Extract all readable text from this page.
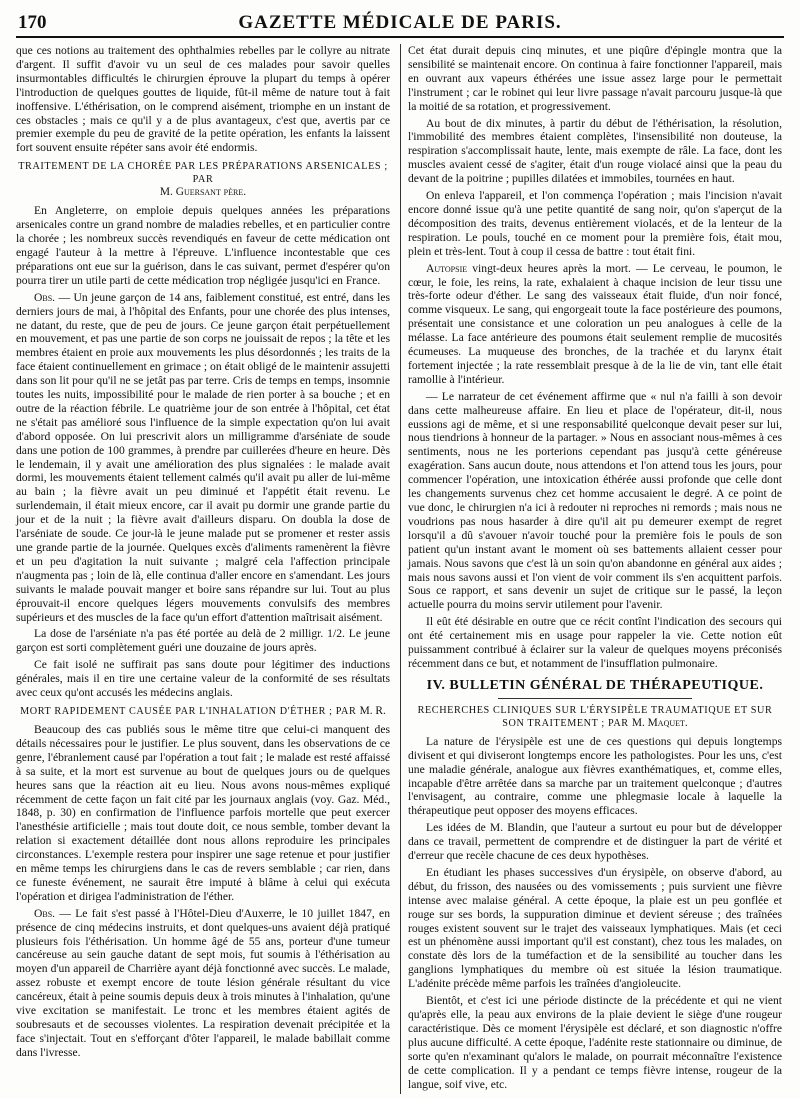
170	GAZETTE MÉDICALE DE PARIS.

que ces notions au traitement des ophthalmies rebelles par le collyre au nitrate d'argent. Il suffit d'avoir vu un seul de ces malades pour savoir quelles insurmontables difficultés le chirurgien éprouve la plupart du temps à opérer l'introduction de quelques gouttes de liquide, fût-il même de nature tout à fait inoffensive. L'éthérisation, on le comprend aisément, triomphe en un instant de ces obstacles ; mais ce qu'il y a de plus avantageux, c'est que, avertis par ce premier exemple du peu de gravité de la petite opération, les enfants la laissent fort souvent ensuite répéter sans avoir été endormis.

TRAITEMENT DE LA CHORÉE PAR LES PRÉPARATIONS ARSENICALES ; PAR
M. Guersant père.

En Angleterre, on emploie depuis quelques années les préparations arsenicales contre un grand nombre de maladies rebelles, et en particulier contre la chorée ; les nombreux succès revendiqués en faveur de cette médication ont engagé l'auteur à la mettre à l'épreuve. L'influence incontestable que ces préparations ont eue sur la guérison, dans le cas suivant, permet d'espérer qu'on pourra tirer un utile parti de cette médication trop négligée jusqu'ici en France.

Obs. — Un jeune garçon de 14 ans, faiblement constitué, est entré, dans les derniers jours de mai, à l'hôpital des Enfants, pour une chorée des plus intenses, ne datant, du reste, que de peu de jours. Ce jeune garçon était perpétuellement en mouvement, et pas une partie de son corps ne jouissait de repos ; la tête et les membres étaient en proie aux mouvements les plus désordonnés ; les traits de la face étaient continuellement en grimace ; on était obligé de le maintenir assujetti dans son lit pour qu'il ne se jetât pas par terre. Cris de temps en temps, insomnie toutes les nuits, impossibilité pour le malade de rien porter à sa bouche ; et en outre de la réaction fébrile. Le quatrième jour de son entrée à l'hôpital, cet état ne s'était pas amélioré sous l'influence de la simple expectation qu'on lui avait d'abord opposée. On lui prescrivit alors un milligramme d'arséniate de soude dans une potion de 100 grammes, à prendre par cuillerées d'heure en heure. Dès le lendemain, il y avait une amélioration des plus signalées : le malade avait dormi, les mouvements étaient tellement calmés qu'il avait pu aller de lui-même au bain ; la fièvre avait un peu diminué et l'appétit était revenu. Le surlendemain, il était mieux encore, car il avait pu dormir une grande partie du jour et de la nuit ; la fièvre avait d'ailleurs disparu. On doubla la dose de l'arséniate de soude. Ce jour-là le jeune malade put se promener et rester assis une grande partie de la journée. Quelques excès d'aliments ramenèrent la fièvre et un peu d'agitation la nuit suivante ; malgré cela l'affection principale n'augmenta pas ; loin de là, elle continua d'aller encore en s'amendant. Les jours suivants le malade pouvait manger et boire sans répandre sur lui. Tout au plus éprouvait-il encore quelques légers mouvements convulsifs des membres supérieurs et des muscles de la face qu'un effort d'attention maîtrisait aisément.

La dose de l'arséniate n'a pas été portée au delà de 2 milligr. 1/2. Le jeune garçon est sorti complètement guéri une douzaine de jours après.

Ce fait isolé ne suffirait pas sans doute pour légitimer des inductions générales, mais il en tire une certaine valeur de la conformité de ses résultats avec ceux qu'ont accusés les médecins anglais.

MORT RAPIDEMENT CAUSÉE PAR L'INHALATION D'ÉTHER ; PAR M. R.

Beaucoup des cas publiés sous le même titre que celui-ci manquent des détails nécessaires pour le justifier. Le plus souvent, dans les observations de ce genre, l'ébranlement causé par l'opération a tout fait ; le malade est resté affaissé à sa suite, et la mort est survenue au bout de quelques jours ou de quelques heures sans que la réaction ait eu lieu. Nous avons nous-mêmes expliqué récemment de cette façon un fait cité par les journaux anglais (voy. Gaz. Méd., 1848, p. 30) en confirmation de l'influence parfois mortelle que peut exercer l'anesthésie artificielle ; mais tout doute doit, ce nous semble, tomber devant la relation si exactement détaillée dont nous allons reproduire les principales circonstances. L'exemple restera pour inspirer une sage retenue et pour justifier en même temps les chirurgiens dans le cas de revers semblable ; car rien, dans ce funeste événement, ne saurait être imputé à blâme à celui qui exécuta l'opération et dirigea l'administration de l'éther.

Obs. — Le fait s'est passé à l'Hôtel-Dieu d'Auxerre, le 10 juillet 1847, en présence de cinq médecins instruits, et dont quelques-uns avaient déjà pratiqué plusieurs fois l'éthérisation. Un homme âgé de 55 ans, porteur d'une tumeur cancéreuse au sein gauche datant de sept mois, fut soumis à l'éthérisation au moyen d'un appareil de Charrière ayant déjà fonctionné avec succès. Le malade, assez robuste et exempt encore de toute lésion générale résultant du vice cancéreux, était à peine soumis depuis deux à trois minutes à l'inhalation, qu'une vive excitation se manifestait. Le tronc et les membres étaient agités de soubresauts et de secousses violentes. La respiration devenait précipitée et la face s'injectait. Tout en s'efforçant d'ôter l'appareil, le malade babillait comme dans l'ivresse.

Cet état durait depuis cinq minutes, et une piqûre d'épingle montra que la sensibilité se maintenait encore. On continua à faire fonctionner l'appareil, mais en ouvrant aux vapeurs éthérées une issue assez large pour le permettait l'instrument ; car le robinet qui leur livre passage n'avait parcouru jusque-là que la moitié de sa rotation, et progressivement.

Au bout de dix minutes, à partir du début de l'éthérisation, la résolution, l'immobilité des membres étaient complètes, l'insensibilité non douteuse, la respiration s'accomplissait haute, lente, mais exempte de râle. La face, dont les muscles avaient cessé de s'agiter, était d'un rouge violacé ainsi que la peau du devant de la poitrine ; pupilles dilatées et immobiles, tournées en haut.

On enleva l'appareil, et l'on commença l'opération ; mais l'incision n'avait encore donné issue qu'à une petite quantité de sang noir, qu'on s'aperçut de la décomposition des traits, devenus entièrement violacés, et de la lenteur de la respiration. Le pouls, touché en ce moment pour la première fois, était mou, plein et très-lent. Tout à coup il cessa de battre : tout était fini.

Autopsie vingt-deux heures après la mort. — Le cerveau, le poumon, le cœur, le foie, les reins, la rate, exhalaient à chaque incision de leur tissu une très-forte odeur d'éther. Le sang des vaisseaux était fluide, d'un noir foncé, comme visqueux. Le sang, qui engorgeait toute la face postérieure des poumons, présentait une consistance et une coloration un peu analogues à celle de la mélasse. La face antérieure des poumons était seulement remplie de mucosités écumeuses. La muqueuse des bronches, de la trachée et du larynx était fortement injectée ; la rate ressemblait presque à de la lie de vin, tant elle était ramollie à l'intérieur.

— Le narrateur de cet événement affirme que « nul n'a failli à son devoir dans cette malheureuse affaire. En lieu et place de l'opérateur, dit-il, nous eussions agi de même, et si une responsabilité quelconque devait peser sur lui, nous tiendrions à honneur de la partager. » Nous en associant nous-mêmes à ces sentiments, nous ne les porterions cependant pas jusqu'à cette généreuse exagération. Sans aucun doute, nous attendons et l'on attend tous les jours, pour commencer l'opération, une intoxication éthérée aussi profonde que celle dont les changements survenus chez cet homme accusaient le degré. A ce point de vue donc, le chirurgien n'a ici à redouter ni reproches ni remords ; mais nous ne voudrions pas nous hasarder à dire qu'il ait pu demeurer exempt de regret lorsqu'il a dû s'avouer n'avoir touché pour la première fois le pouls de son patient qu'un instant avant le moment où ses battements allaient cesser pour jamais. Nous savons que c'est là un soin qu'on abandonne en général aux aides ; mais nous savons aussi et l'on vient de voir comment ils s'en acquittent parfois. Sous ce rapport, et sans devenir un sujet de critique sur le passé, la leçon actuelle pourra du moins servir utilement pour l'avenir.

Il eût été désirable en outre que ce récit contînt l'indication des secours qui ont été certainement mis en usage pour rappeler la vie. Cette notion eût puissamment contribué à éclairer sur la valeur de quelques moyens préconisés récemment dans ce but, et notamment de l'insufflation pulmonaire.

IV. BULLETIN GÉNÉRAL DE THÉRAPEUTIQUE.
RECHERCHES CLINIQUES SUR L'ÉRYSIPÈLE TRAUMATIQUE ET SUR SON TRAITEMENT ; PAR M. Maquet.

La nature de l'érysipèle est une de ces questions qui depuis longtemps divisent et qui diviseront longtemps encore les pathologistes. Pour les uns, c'est une maladie générale, analogue aux fièvres exanthématiques, et, comme elles, incapable d'être arrêtée dans sa marche par un traitement quelconque ; d'autres l'envisagent, au contraire, comme une phlegmasie locale à laquelle la thérapeutique peut opposer des moyens efficaces.

Les idées de M. Blandin, que l'auteur a surtout eu pour but de développer dans ce travail, permettent de comprendre et de distinguer la part de vérité et d'erreur que recèle chacune de ces deux hypothèses.

En étudiant les phases successives d'un érysipèle, on observe d'abord, au début, du frisson, des nausées ou des vomissements ; puis survient une fièvre intense avec malaise général. A cette époque, la plaie est un peu gonflée et rouge sur ses bords, la suppuration diminue et devient séreuse ; des traînées rouges existent souvent sur le trajet des vaisseaux lymphatiques. Mais (et ceci est un phénomène aussi important qu'il est constant), chez tous les malades, on constate dès lors de la tuméfaction et de la sensibilité au toucher dans les ganglions lymphatiques du membre où est située la lésion traumatique. L'adénite précède même parfois les traînées d'angioleucite.

Bientôt, et c'est ici une période distincte de la précédente et qui ne vient qu'après elle, la peau aux environs de la plaie devient le siège d'une rougeur caractéristique. Dès ce moment l'érysipèle est déclaré, et son diagnostic n'offre plus aucune difficulté. A cette époque, l'adénite reste stationnaire ou diminue, de sorte qu'en n'examinant qu'alors le malade, on pourrait méconnaître l'existence de cette complication. Il y a pendant ce temps fièvre intense, rougeur de la langue, soif vive, etc.
